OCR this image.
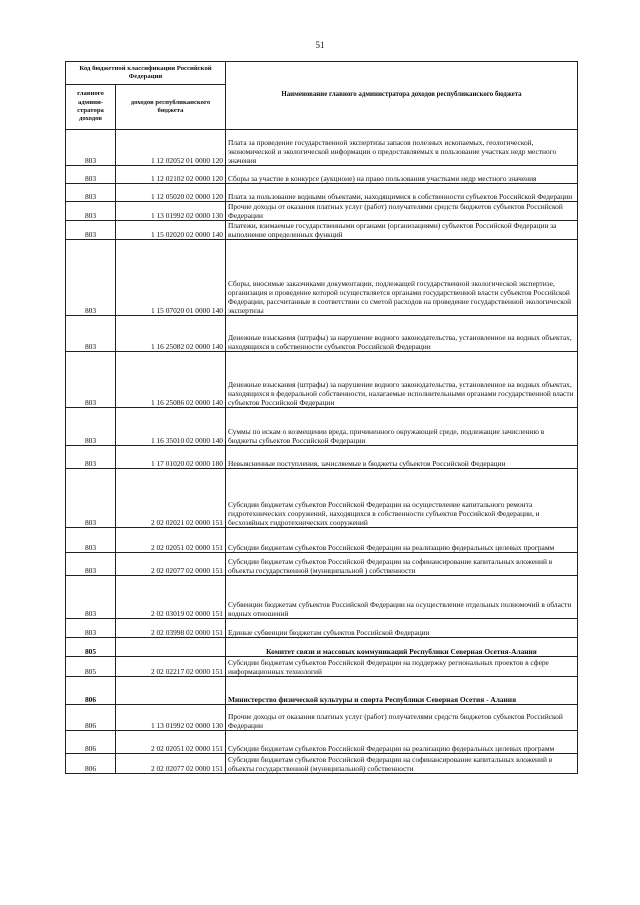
51
Код бюджетной классификации Российской Федерации		Наименование главного администратора доходов республиканского бюджета
главного админи-стратора доходов	доходов республиканского бюджета	
803	1 12 02052 01 0000 120	Плата за проведение государственной экспертизы запасов полезных ископаемых, геологической, экономической и экологической информации о предоставляемых в пользование участках недр местного значения
803	1 12 02102 02 0000 120	Сборы за участие в конкурсе (аукционе) на право пользования участками недр местного значения
803	1 12 05020 02 0000 120	Плата за пользование водными объектами, находящимися в собственности субъектов Российской Федерации
803	1 13 01992 02 0000 130	Прочие доходы от оказания платных услуг (работ) получателями средств бюджетов субъектов Российской Федерации
803	1 15 02020 02 0000 140	Платежи, взимаемые государственными органами (организациями) субъектов Российской Федерации за выполнение определенных функций
803	1 15 07020 01 0000 140	Сборы, вносимые заказчиками документации, подлежащей государственной экологической экспертизе, организация и проведение которой осуществляется органами государственной власти субъектов Российской Федерации, рассчитанные в соответствии со сметой расходов на проведение государственной экологической экспертизы
803	1 16 25082 02 0000 140	Денежные взыскания (штрафы) за нарушение водного законодательства, установленное на водных объектах, находящихся в собственности субъектов Российской Федерации
803	1 16 25086 02 0000 140	Денежные взыскания (штрафы) за нарушение водного законодательства, установленное на водных объектах, находящихся в федеральной собственности, налагаемые исполнительными органами государственной власти субъектов Российской Федерации
803	1 16 35010 02 0000 140	Суммы по искам о возмещении вреда, причиненного окружающей среде, подлежащие зачислению в бюджеты субъектов Российской Федерации
803	1 17 01020 02 0000 180	Невыясненные поступления, зачисляемые в бюджеты субъектов Российской Федерации
803	2 02 02021 02 0000 151	Субсидии бюджетам субъектов Российской Федерации на осуществление капитального ремонта гидротехнических сооружений, находящихся в собственности субъектов Российской Федерации, и бесхозяйных гидротехнических сооружений
803	2 02 02051 02 0000 151	Субсидии бюджетам субъектов Российской Федерации на реализацию федеральных целевых программ
803	2 02 02077 02 0000 151	Субсидии бюджетам субъектов Российской Федерации на софинансирование капитальных вложений в объекты государственной (муниципальной ) собственности
803	2 02 03019 02 0000 151	Субвенции бюджетам субъектов Российской Федерации на осуществление отдельных полномочий в области водных отношений
803	2 02 03998 02 0000 151	Единые субвенции бюджетам субъектов Российской Федерации
805		Комитет связи и массовых коммуникаций Республики Северная Осетия-Алания
805	2 02 02217 02 0000 151	Субсидии бюджетам субъектов Российской Федерации на поддержку региональных проектов в сфере информационных технологий
806		Министерство физической культуры и спорта Республики Северная Осетия - Алания
806	1 13 01992 02 0000 130	Прочие доходы от оказания платных услуг (работ) получателями средств бюджетов субъектов Российской Федерации
806	2 02 02051 02 0000 151	Субсидии бюджетам субъектов Российской Федерации на реализацию федеральных целевых программ
806	2 02 02077 02 0000 151	Субсидии бюджетам субъектов Российской Федерации на софинансирование капитальных вложений в объекты государственной (муниципальной) собственности
